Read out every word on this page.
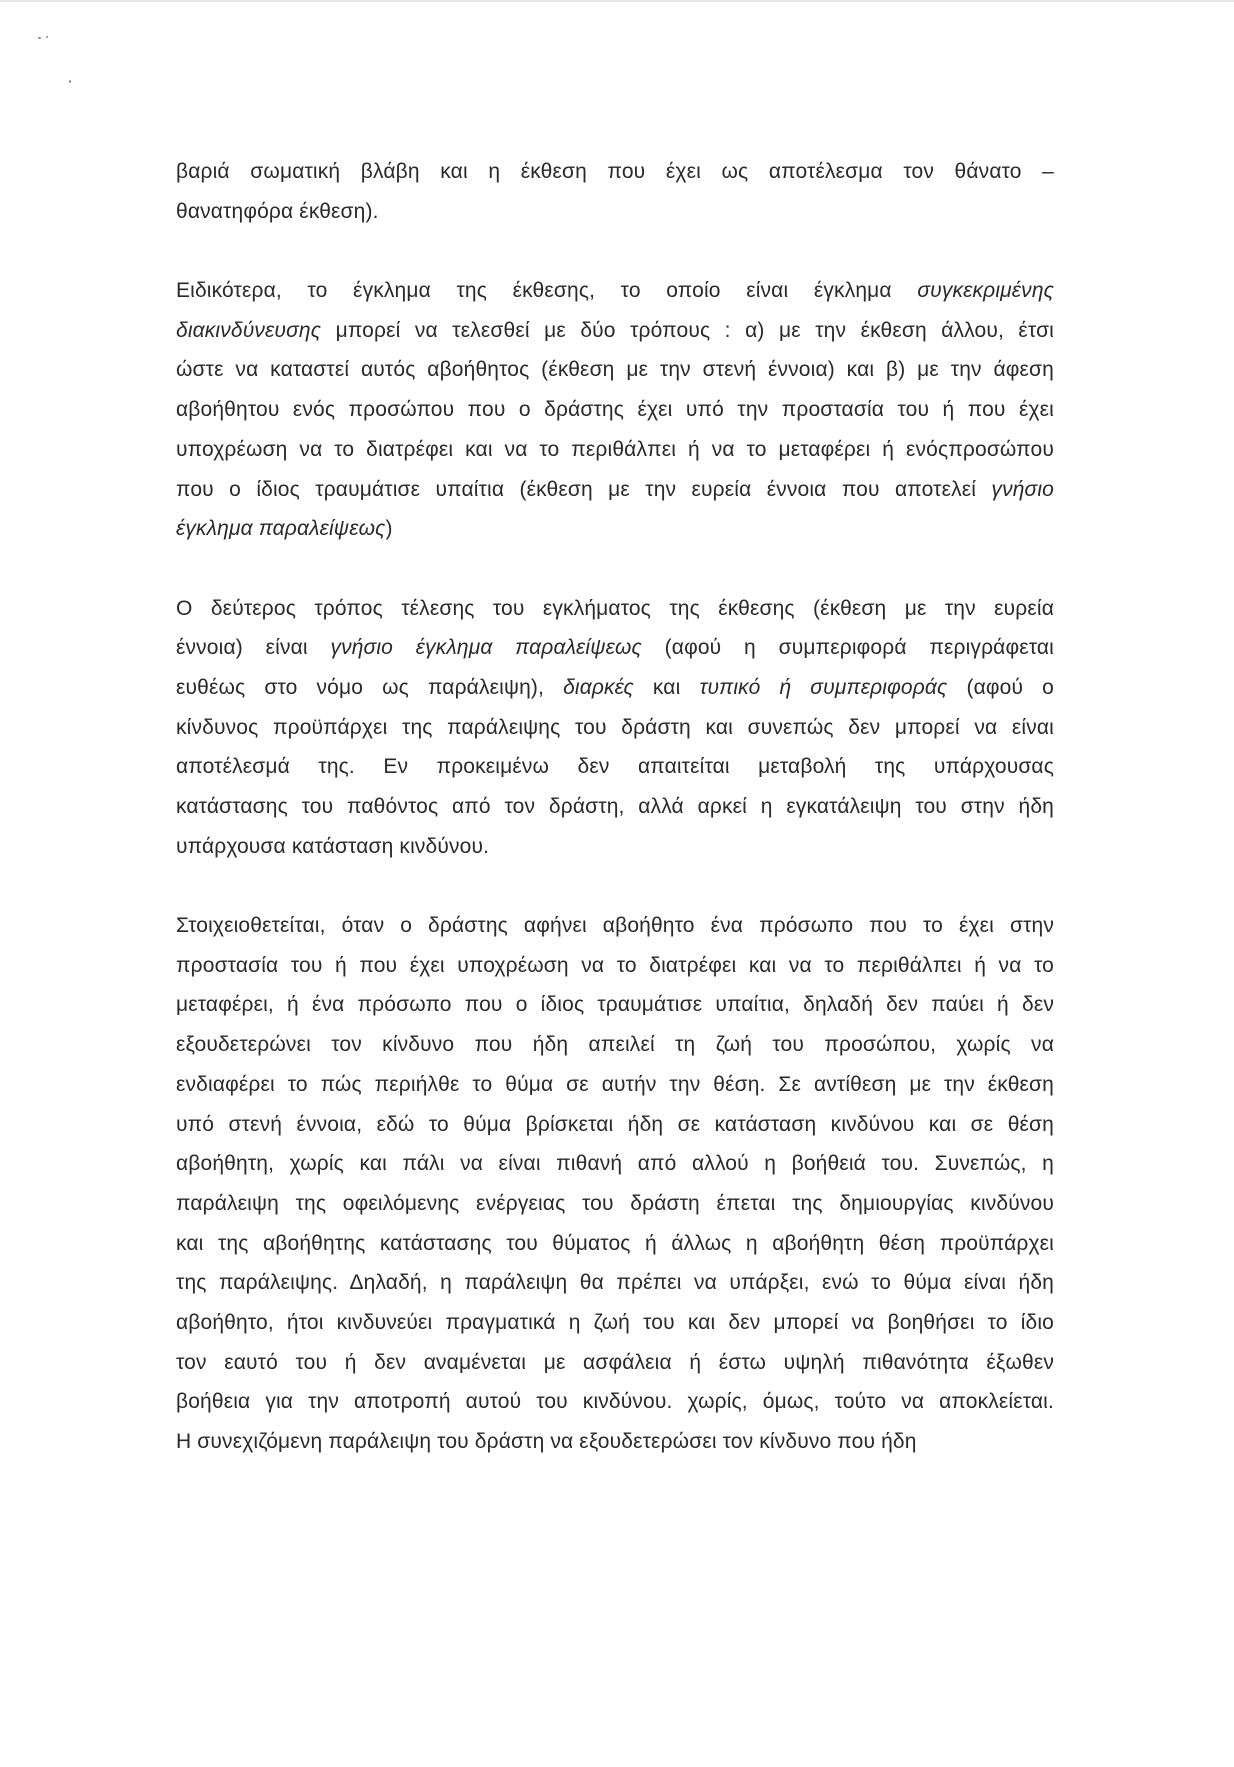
βαριά σωματική βλάβη και η έκθεση που έχει ως αποτέλεσμα τον θάνατο –
θανατηφόρα έκθεση).
Ειδικότερα, το έγκλημα της έκθεσης, το οποίο είναι έγκλημα συγκεκριμένης
διακινδύνευσης μπορεί να τελεσθεί με δύο τρόπους : α) με την έκθεση άλλου, έτσι
ώστε να καταστεί αυτός αβοήθητος (έκθεση με την στενή έννοια) και β) με την άφεση
αβοήθητου ενός προσώπου που ο δράστης έχει υπό την προστασία του ή που έχει
υποχρέωση να το διατρέφει και να το περιθάλπει ή να το μεταφέρει ή ενόςπροσώπου
που ο ίδιος τραυμάτισε υπαίτια (έκθεση με την ευρεία έννοια που αποτελεί γνήσιο
έγκλημα παραλείψεως)
Ο δεύτερος τρόπος τέλεσης του εγκλήματος της έκθεσης (έκθεση με την ευρεία
έννοια) είναι γνήσιο έγκλημα παραλείψεως (αφού η συμπεριφορά περιγράφεται
ευθέως στο νόμο ως παράλειψη), διαρκές και τυπικό ή συμπεριφοράς (αφού ο
κίνδυνος προϋπάρχει της παράλειψης του δράστη και συνεπώς δεν μπορεί να είναι
αποτέλεσμά της. Εν προκειμένω δεν απαιτείται μεταβολή της υπάρχουσας
κατάστασης του παθόντος από τον δράστη, αλλά αρκεί η εγκατάλειψη του στην ήδη
υπάρχουσα κατάσταση κινδύνου.
Στοιχειοθετείται, όταν ο δράστης αφήνει αβοήθητο ένα πρόσωπο που το έχει στην
προστασία του ή που έχει υποχρέωση να το διατρέφει και να το περιθάλπει ή να το
μεταφέρει, ή ένα πρόσωπο που ο ίδιος τραυμάτισε υπαίτια, δηλαδή δεν παύει ή δεν
εξουδετερώνει τον κίνδυνο που ήδη απειλεί τη ζωή του προσώπου, χωρίς να
ενδιαφέρει το πώς περιήλθε το θύμα σε αυτήν την θέση. Σε αντίθεση με την έκθεση
υπό στενή έννοια, εδώ το θύμα βρίσκεται ήδη σε κατάσταση κινδύνου και σε θέση
αβοήθητη, χωρίς και πάλι να είναι πιθανή από αλλού η βοήθειά του. Συνεπώς, η
παράλειψη της οφειλόμενης ενέργειας του δράστη έπεται της δημιουργίας κινδύνου
και της αβοήθητης κατάστασης του θύματος ή άλλως η αβοήθητη θέση προϋπάρχει
της παράλειψης. Δηλαδή, η παράλειψη θα πρέπει να υπάρξει, ενώ το θύμα είναι ήδη
αβοήθητο, ήτοι κινδυνεύει πραγματικά η ζωή του και δεν μπορεί να βοηθήσει το ίδιο
τον εαυτό του ή δεν αναμένεται με ασφάλεια ή έστω υψηλή πιθανότητα έξωθεν
βοήθεια για την αποτροπή αυτού του κινδύνου. χωρίς, όμως, τούτο να αποκλείεται.
Η συνεχιζόμενη παράλειψη του δράστη να εξουδετερώσει τον κίνδυνο που ήδη
